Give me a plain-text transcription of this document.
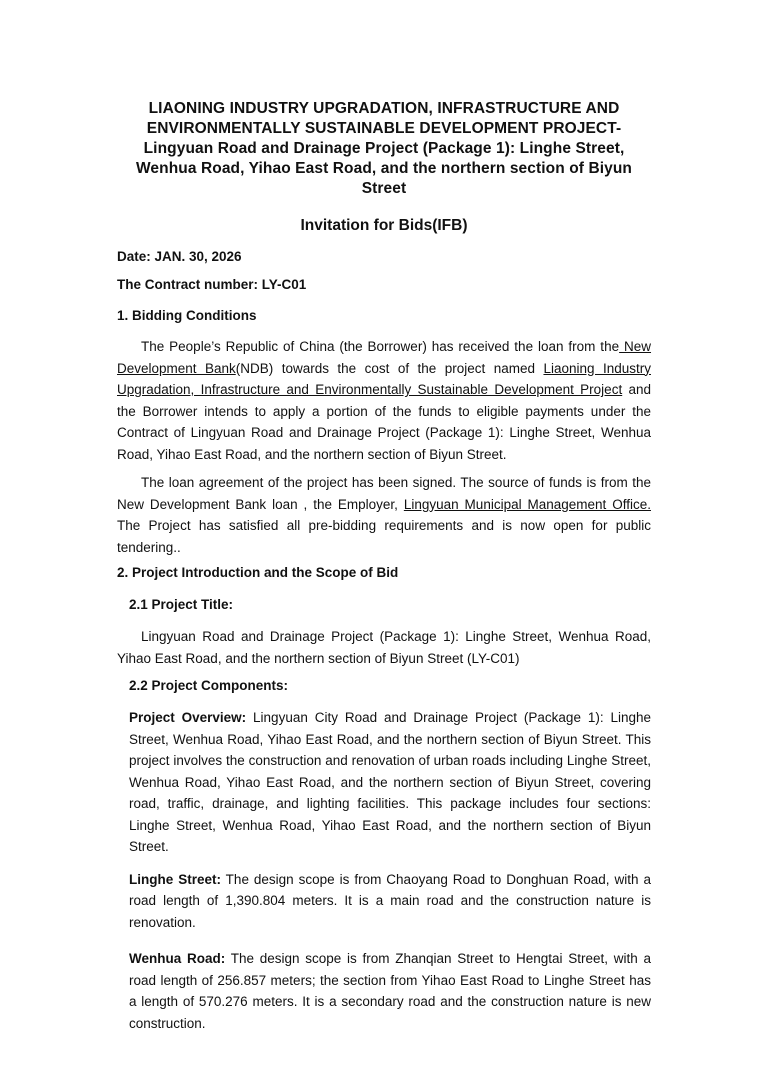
LIAONING INDUSTRY UPGRADATION, INFRASTRUCTURE AND ENVIRONMENTALLY SUSTAINABLE DEVELOPMENT PROJECT- Lingyuan Road and Drainage Project (Package 1): Linghe Street, Wenhua Road, Yihao East Road, and the northern section of Biyun Street
Invitation for Bids(IFB)

Date: JAN. 30, 2026

The Contract number: LY-C01

1. Bidding Conditions

The People’s Republic of China (the Borrower) has received the loan from the New Development Bank(NDB) towards the cost of the project named Liaoning Industry Upgradation, Infrastructure and Environmentally Sustainable Development Project and the Borrower intends to apply a portion of the funds to eligible payments under the Contract of Lingyuan Road and Drainage Project (Package 1): Linghe Street, Wenhua Road, Yihao East Road, and the northern section of Biyun Street.

The loan agreement of the project has been signed. The source of funds is from the New Development Bank loan , the Employer, Lingyuan Municipal Management Office. The Project has satisfied all pre-bidding requirements and is now open for public tendering..

2. Project Introduction and the Scope of Bid
2.1 Project Title:

Lingyuan Road and Drainage Project (Package 1): Linghe Street, Wenhua Road, Yihao East Road, and the northern section of Biyun Street (LY-C01)

2.2 Project Components:

Project Overview: Lingyuan City Road and Drainage Project (Package 1): Linghe Street, Wenhua Road, Yihao East Road, and the northern section of Biyun Street. This project involves the construction and renovation of urban roads including Linghe Street, Wenhua Road, Yihao East Road, and the northern section of Biyun Street, covering road, traffic, drainage, and lighting facilities. This package includes four sections: Linghe Street, Wenhua Road, Yihao East Road, and the northern section of Biyun Street.

Linghe Street: The design scope is from Chaoyang Road to Donghuan Road, with a road length of 1,390.804 meters. It is a main road and the construction nature is renovation.

Wenhua Road: The design scope is from Zhanqian Street to Hengtai Street, with a road length of 256.857 meters; the section from Yihao East Road to Linghe Street has a length of 570.276 meters. It is a secondary road and the construction nature is new construction.
